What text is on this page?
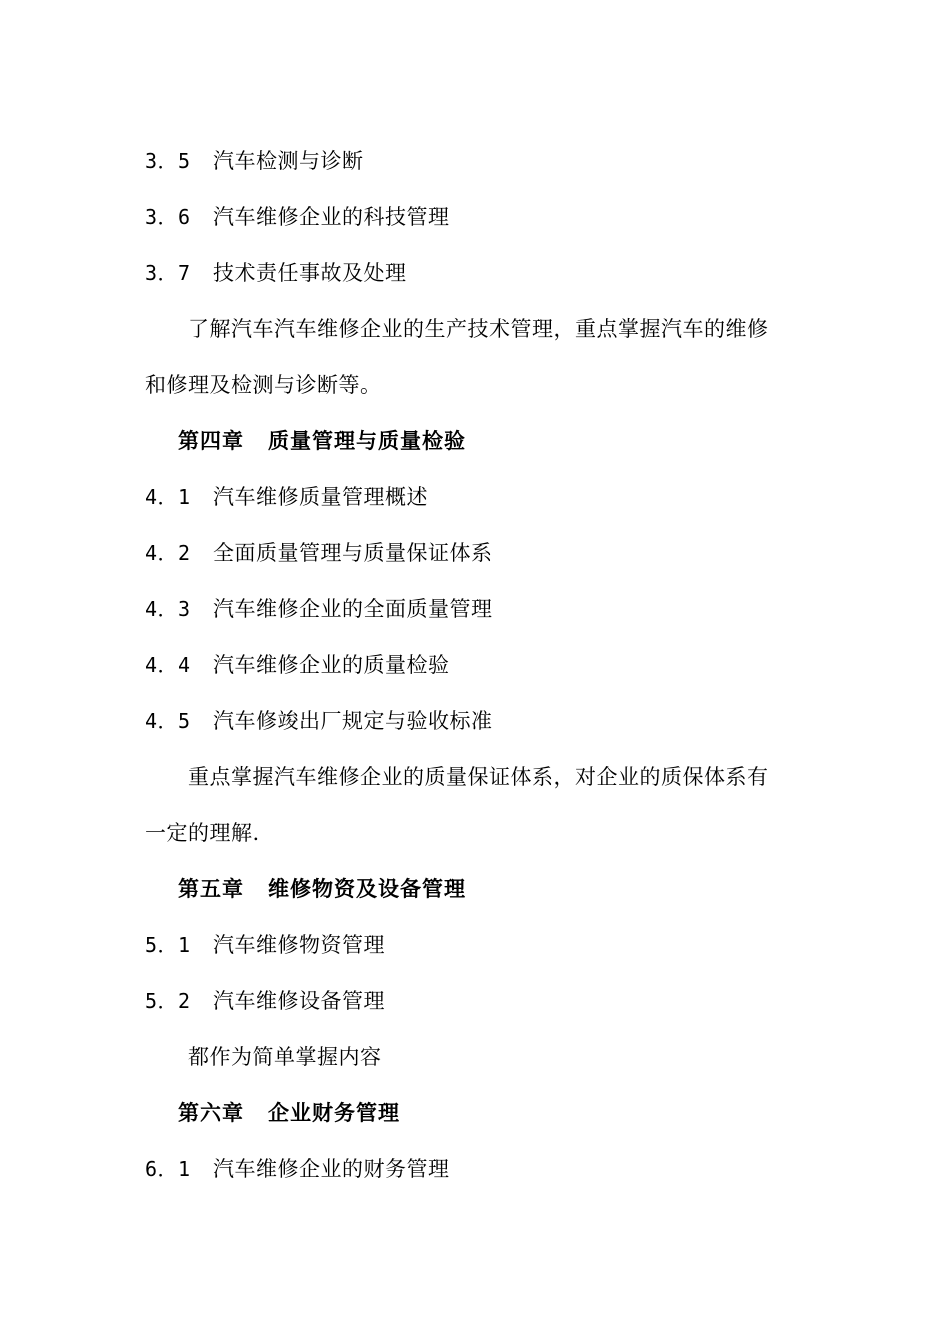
3．5 汽车检测与诊断
3．6 汽车维修企业的科技管理
3．7 技术责任事故及处理
了解汽车汽车维修企业的生产技术管理，重点掌握汽车的维修
和修理及检测与诊断等。
第四章 质量管理与质量检验
4．1 汽车维修质量管理概述
4．2 全面质量管理与质量保证体系
4．3 汽车维修企业的全面质量管理
4．4 汽车维修企业的质量检验
4．5 汽车修竣出厂规定与验收标准
重点掌握汽车维修企业的质量保证体系，对企业的质保体系有
一定的理解.
第五章 维修物资及设备管理
5．1 汽车维修物资管理
5．2 汽车维修设备管理
都作为简单掌握内容
第六章 企业财务管理
6．1 汽车维修企业的财务管理
